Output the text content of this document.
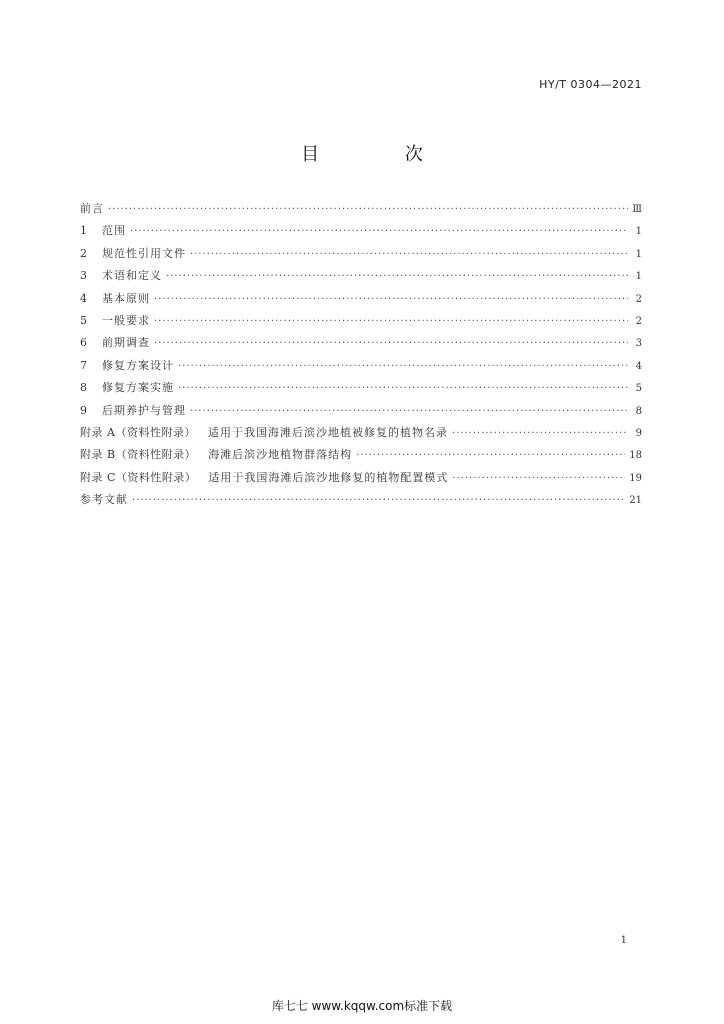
HY/T 0304—2021
目 次
前言 ·····	Ⅲ
1	范围 ·····	1
2	规范性引用文件 ·····	1
3	术语和定义 ·····	1
4	基本原则 ·····	2
5	一般要求 ·····	2
6	前期调查 ·····	3
7	修复方案设计 ·····	4
8	修复方案实施 ·····	5
9	后期养护与管理 ·····	8
附录 A（资料性附录） 适用于我国海滩后滨沙地植被修复的植物名录 ·····	9
附录 B（资料性附录） 海滩后滨沙地植物群落结构 ·····	18
附录 C（资料性附录） 适用于我国海滩后滨沙地修复的植物配置模式 ·····	19
参考文献 ·····	21
1
库七七 www.kqqw.com标准下载
